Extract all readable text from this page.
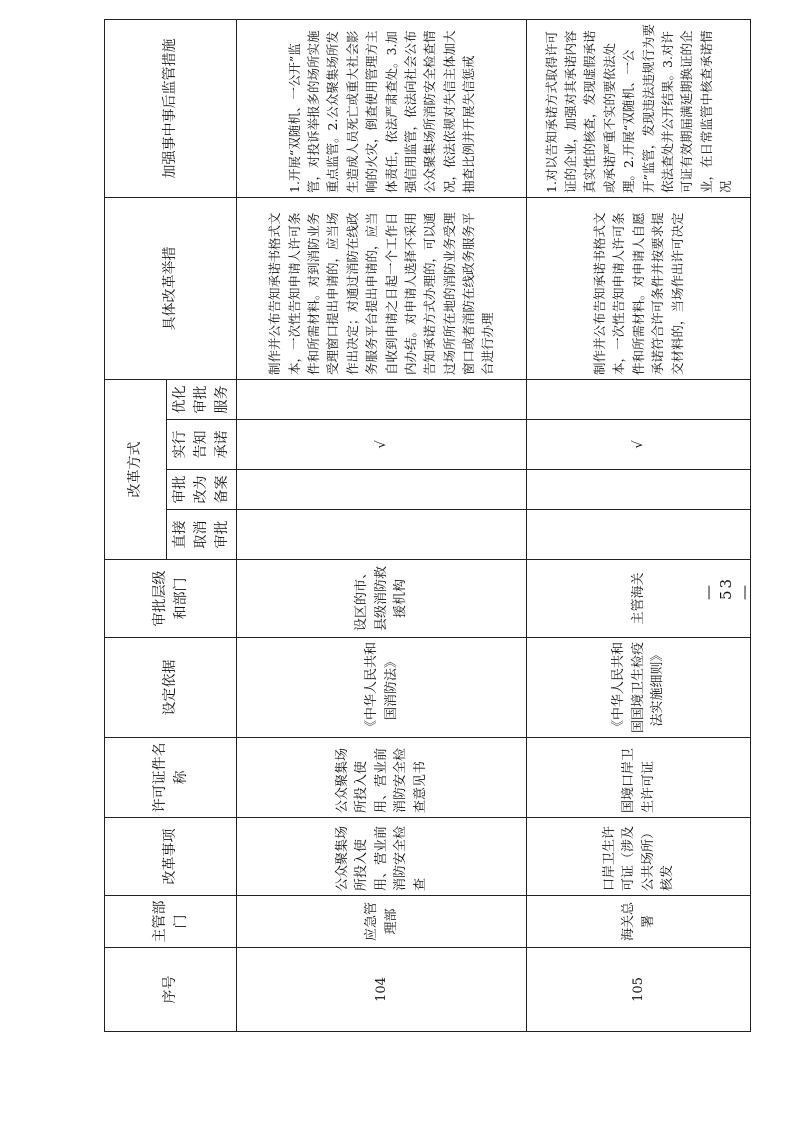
序号	主管部门	改革事项	许可证件名称	设定依据	审批层级和部门	改革方式				具体改革举措	加强事中事后监管措施
						直接取消审批	审批改为备案	实行告知承诺	优化审批服务		
104	应急管理部	公众聚集场所投入使用、营业前消防安全检查	公众聚集场所投入使用、营业前消防安全检查意见书	《中华人民共和国消防法》	设区的市、县级消防救援机构			√		制作并公布告知承诺书格式文本，一次性告知申请人许可条件和所需材料。对到消防业务受理窗口提出申请的，应当场作出决定；对通过消防在线政务服务平台提出申请的，应当自收到申请之日起一个工作日内办结。对申请人选择不采用告知承诺方式办理的，可以通过场所所在地的消防业务受理窗口或者消防在线政务服务平台进行办理	1.开展“双随机、一公开”监管，对投诉举报多的场所实施重点监管。2.公众聚集场所发生造成人员死亡或重大社会影响的火灾，倒查使用管理方主体责任，依法严肃查处。3.加强信用监管，依法向社会公布公众聚集场所消防安全检查情况，依法依规对失信主体加大抽查比例并开展失信惩戒
105	海关总署	口岸卫生许可证（涉及公共场所）核发	国境口岸卫生许可证	《中华人民共和国国境卫生检疫法实施细则》	主管海关			√		制作并公布告知承诺书格式文本，一次性告知申请人许可条件和所需材料。对申请人自愿承诺符合许可条件并按要求提交材料的，当场作出许可决定	1.对以告知承诺方式取得许可证的企业，加强对其承诺内容真实性的核查，发现虚假承诺或承诺严重不实的要依法处理。2.开展“双随机、一公开”监管，发现违法违规行为要依法查处并公开结果。3.对许可证有效期届满延期换证的企业，在日常监管中核查承诺情况
— 53 —
